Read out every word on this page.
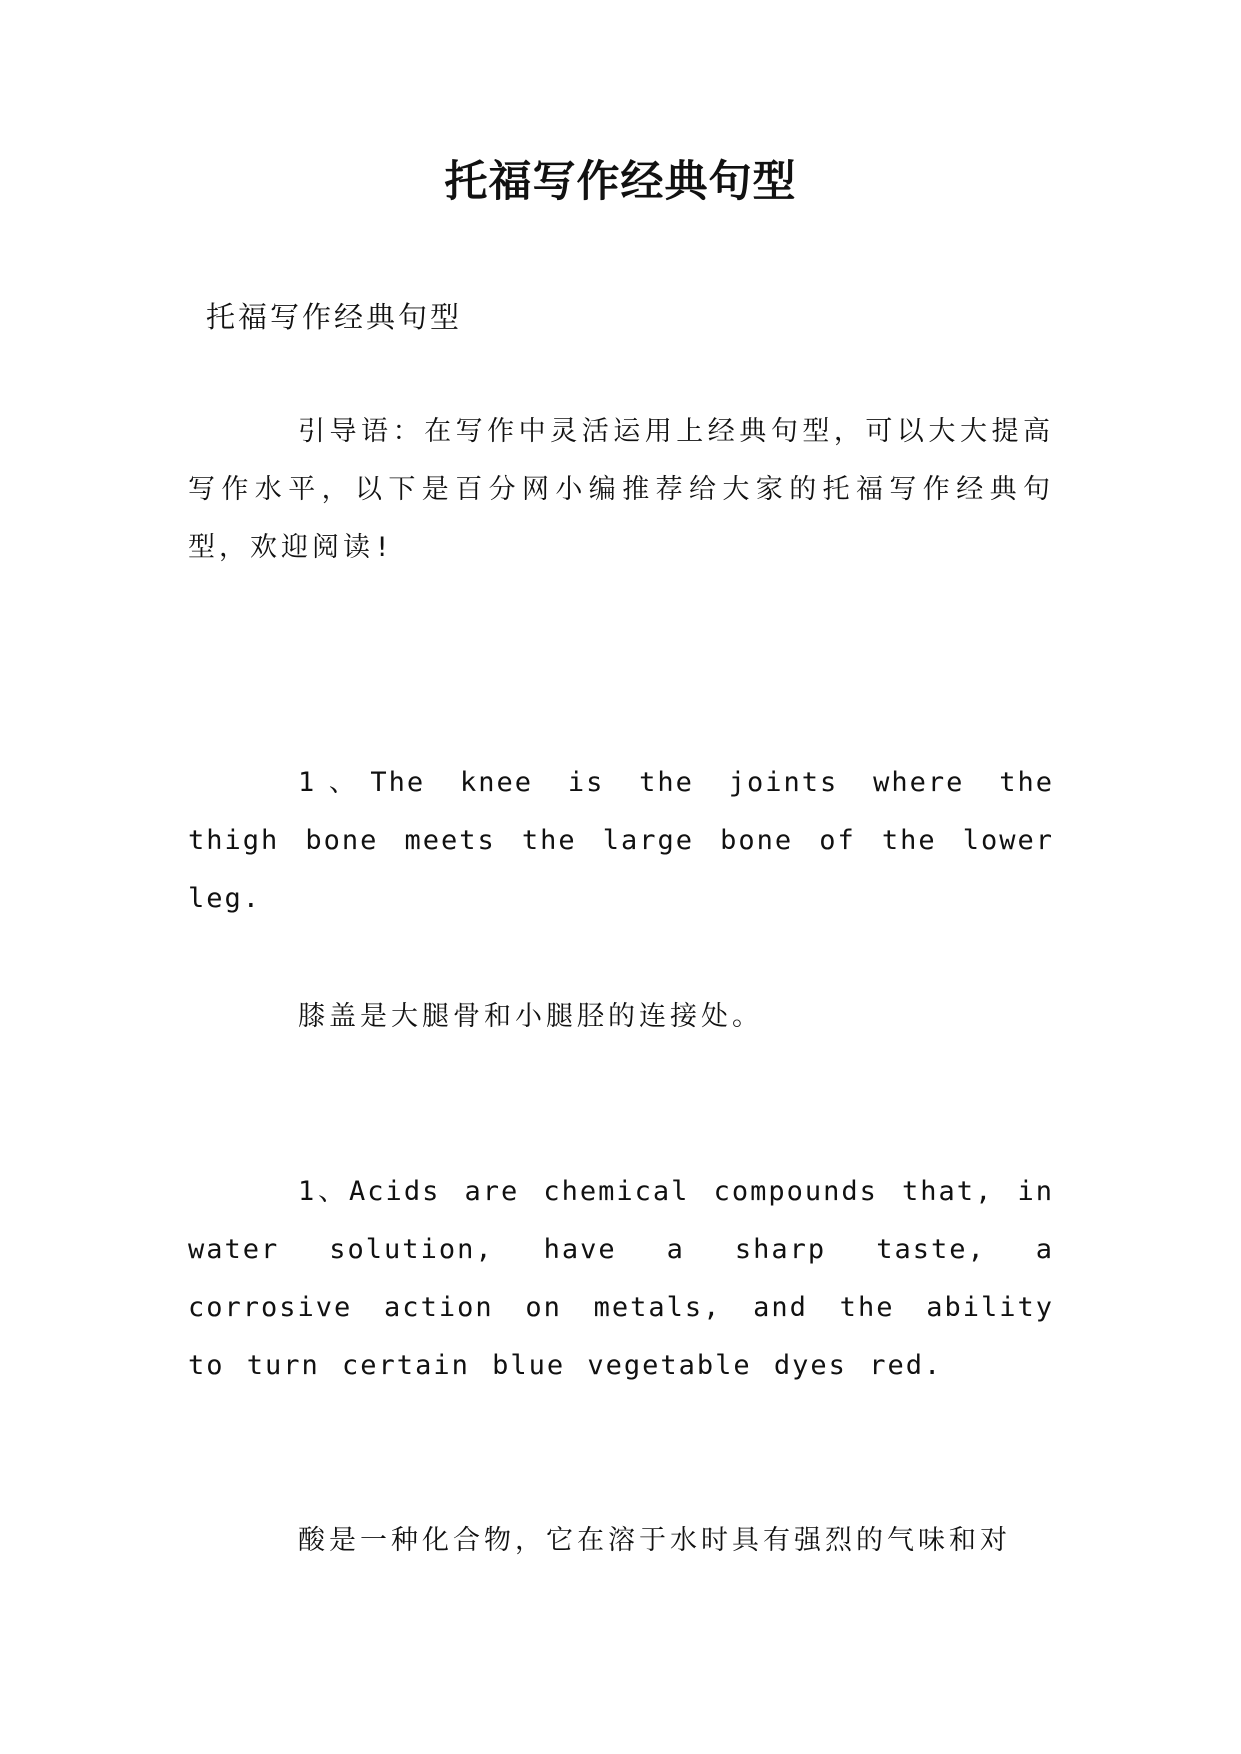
托福写作经典句型

托福写作经典句型

引导语：在写作中灵活运用上经典句型，可以大大提高写作水平，以下是百分网小编推荐给大家的托福写作经典句型，欢迎阅读!

1、The knee is the joints where the thigh bone meets the large bone of the lower leg.

膝盖是大腿骨和小腿胫的连接处。

1、Acids are chemical compounds that, in water solution, have a sharp taste, a corrosive action on metals, and the ability to turn certain blue vegetable dyes red.

酸是一种化合物，它在溶于水时具有强烈的气味和对
